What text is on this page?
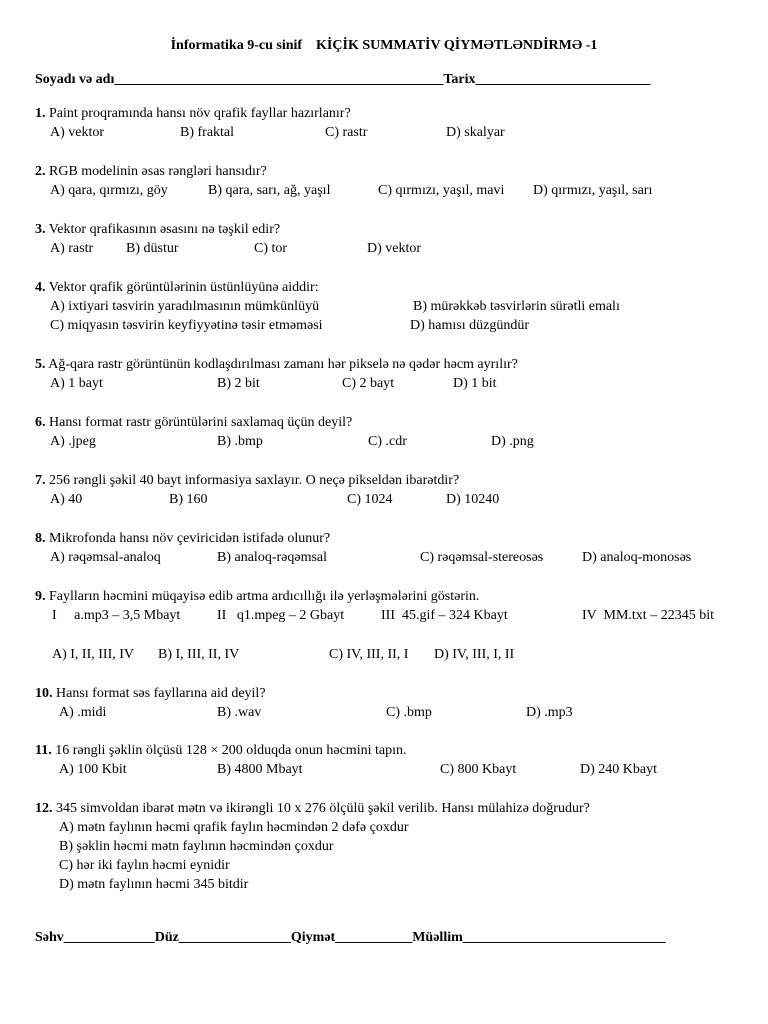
İnformatika 9-cu sinif    KİÇİK SUMMATİV QİYMƏTLƏNDİRMƏ -1
Soyadı və adı_______________________________________________Tarix_________________________
1. Paint proqramında hansı növ qrafik fayllar hazırlanır?
A) vektor	B) fraktal	C) rastr	D) skalyar
2. RGB modelinin əsas rəngləri hansıdır?
A) qara, qırmızı, göy	B) qara, sarı, ağ, yaşıl	C) qırmızı, yaşıl, mavi D) qırmızı, yaşıl, sarı
3. Vektor qrafikasının əsasını nə təşkil edir?
A) rastr B) düstur	C) tor	D) vektor
4. Vektor qrafik görüntülərinin üstünlüyünə aiddir:
A) ixtiyari təsvirin yaradılmasının mümkünlüyü	B) mürəkkəb təsvirlərin sürətli emalı
C) miqyasın təsvirin keyfiyyətinə təsir etməməsi	D) hamısı düzgündür
5. Ağ-qara rastr görüntünün kodlaşdırılması zamanı hər pikselə nə qədər həcm ayrılır?
A) 1 bayt	B) 2 bit	C) 2 bayt	D) 1 bit
6. Hansı format rastr görüntülərini saxlamaq üçün deyil?
A) .jpeg	B) .bmp	C) .cdr	D) .png
7. 256 rəngli şəkil 40 bayt informasiya saxlayır. O neçə pikseldən ibarətdir?
A) 40	B) 160	C) 1024	D) 10240
8. Mikrofonda hansı növ çeviricidən istifadə olunur?
A) rəqəmsal-analoq	B) analoq-rəqəmsal	C) rəqəmsal-stereosəs	D) analoq-monosəs
9. Faylların həcmini müqayisə edib artma ardıcıllığı ilə yerləşmələrini göstərin.
I     a.mp3 – 3,5 Mbayt	II   q1.mpeg – 2 Gbayt	III  45.gif – 324 Kbayt	IV  MM.txt – 22345 bit
A) I, II, III, IV B) I, III, II, IV	C) IV, III, II, I D) IV, III, I, II
10. Hansı format səs fayllarına aid deyil?
A) .midi	B) .wav	C) .bmp	D) .mp3
11. 16 rəngli şəklin ölçüsü 128 × 200 olduqda onun həcmini tapın.
A) 100 Kbit	B) 4800 Mbayt	C) 800 Kbayt	D) 240 Kbayt
12. 345 simvoldan ibarət mətn və ikirəngli 10 x 276 ölçülü şəkil verilib. Hansı mülahizə doğrudur?
A) mətn faylının həcmi qrafik faylın həcmindən 2 dəfə çoxdur
B) şəklin həcmi mətn faylının həcmindən çoxdur
C) hər iki faylın həcmi eynidir
D) mətn faylının həcmi 345 bitdir
Səhv_____________Düz________________Qiymət___________Müəllim_____________________________
